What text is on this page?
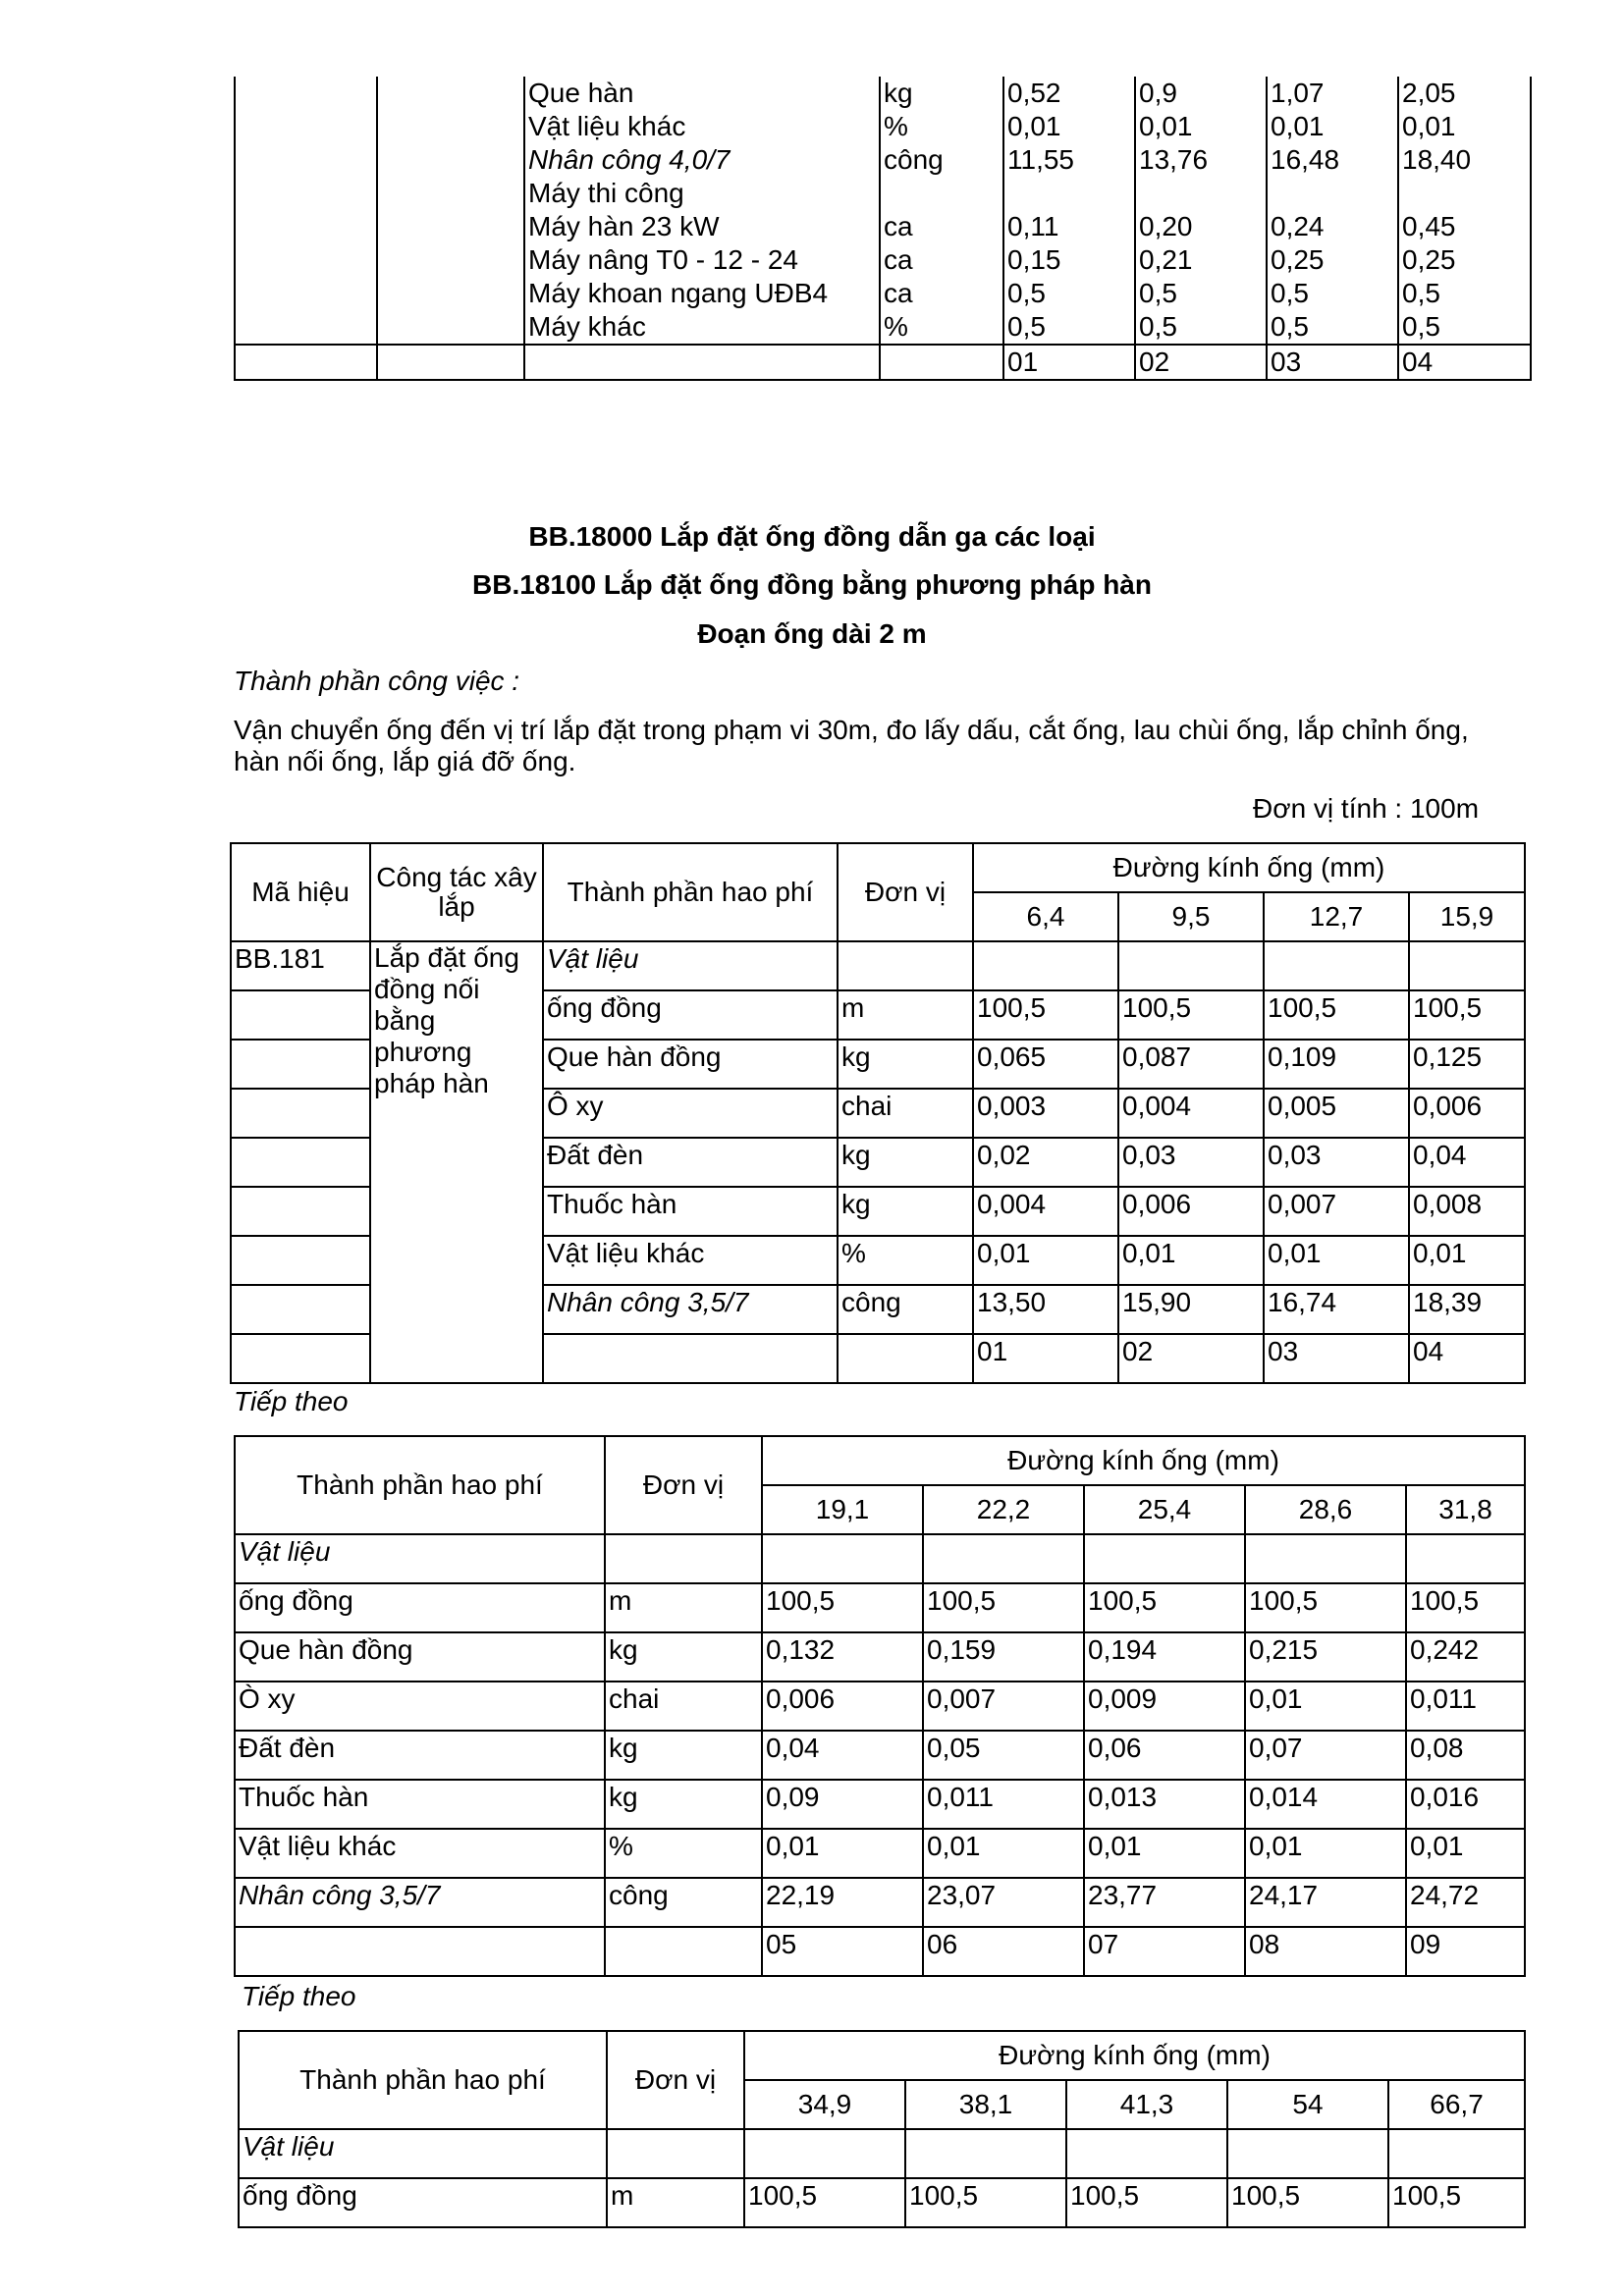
		Que hàn	kg	0,52	0,9	1,07	2,05
		Vật liệu khác	%	0,01	0,01	0,01	0,01
		Nhân công 4,0/7	công	11,55	13,76	16,48	18,40
		Máy thi công					
		Máy hàn 23 kW	ca	0,11	0,20	0,24	0,45
		Máy nâng T0 - 12 - 24	ca	0,15	0,21	0,25	0,25
		Máy khoan ngang UĐB4	ca	0,5	0,5	0,5	0,5
		Máy khác	%	0,5	0,5	0,5	0,5
				01	02	03	04
BB.18000 Lắp đặt ống đồng dẫn ga các loại
BB.18100 Lắp đặt ống đồng bằng phương pháp hàn
Đoạn ống dài 2 m
Thành phần công việc :
Vận chuyển ống đến vị trí lắp đặt trong phạm vi 30m, đo lấy dấu, cắt ống, lau chùi ống, lắp chỉnh ống, hàn nối ống, lắp giá đỡ ống.
Đơn vị tính : 100m
Mã hiệu	Công tác xây lắp	Thành phần hao phí	Đơn vị	Đường kính ống (mm)			
				6,4	9,5	12,7	15,9
BB.181	Lắp đặt ống đồng nối bằng phương pháp hàn	Vật liệu					
		ống đồng	m	100,5	100,5	100,5	100,5
		Que hàn đồng	kg	0,065	0,087	0,109	0,125
		Ô xy	chai	0,003	0,004	0,005	0,006
		Đất đèn	kg	0,02	0,03	0,03	0,04
		Thuốc hàn	kg	0,004	0,006	0,007	0,008
		Vật liệu khác	%	0,01	0,01	0,01	0,01
		Nhân công 3,5/7	công	13,50	15,90	16,74	18,39
				01	02	03	04
Tiếp theo
Thành phần hao phí	Đơn vị	Đường kính ống (mm)				
		19,1	22,2	25,4	28,6	31,8
Vật liệu						
ống đồng	m	100,5	100,5	100,5	100,5	100,5
Que hàn đồng	kg	0,132	0,159	0,194	0,215	0,242
Ò xy	chai	0,006	0,007	0,009	0,01	0,011
Đất đèn	kg	0,04	0,05	0,06	0,07	0,08
Thuốc hàn	kg	0,09	0,011	0,013	0,014	0,016
Vật liệu khác	%	0,01	0,01	0,01	0,01	0,01
Nhân công 3,5/7	công	22,19	23,07	23,77	24,17	24,72
		05	06	07	08	09
Tiếp theo
Thành phần hao phí	Đơn vị	Đường kính ống (mm)				
		34,9	38,1	41,3	54	66,7
Vật liệu						
ống đồng	m	100,5	100,5	100,5	100,5	100,5
